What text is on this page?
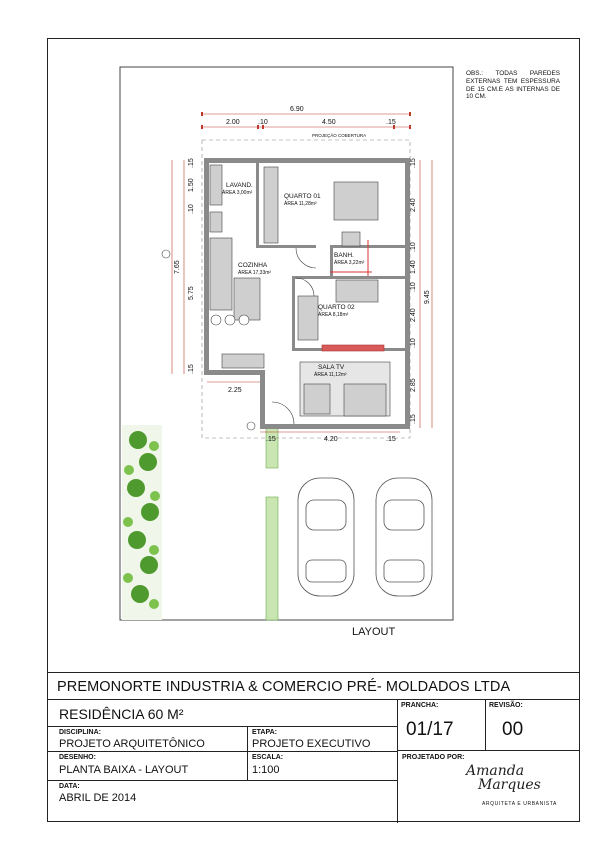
6.90
2.00	.10	4.50	.15
PROJEÇÃO COBERTURA
7.65
.15
1.50
.10
5.75
.15
.15
2.40
.10
1.40
.10
2.40
.10
2.85
.15
9.45
.15	4.20	.15
2.25
LAVAND.
ÁREA 3,00m²	QUARTO 01
ÁREA 11,28m²
COZINHA
ÁREA 17,33m²
BANH.
ÁREA 3,22m²
QUARTO 02
ÁREA 8,18m²
SALA TV
ÁREA 11,12m²
OBS.: TODAS PAREDES EXTERNAS TEM ESPESSURA DE 15 CM.E AS INTERNAS DE 10 CM.
LAYOUT
PREMONORTE INDUSTRIA & COMERCIO PRÉ- MOLDADOS LTDA
RESIDÊNCIA 60 M²
DISCIPLINA:
PROJETO ARQUITETÔNICO
ETAPA:
PROJETO EXECUTIVO
DESENHO:
PLANTA BAIXA - LAYOUT
ESCALA:
1:100
DATA:
ABRIL DE 2014
PRANCHA:
01/17
REVISÃO:
00
PROJETADO POR:
Amanda
Marques
ARQUITETA E URBANISTA
